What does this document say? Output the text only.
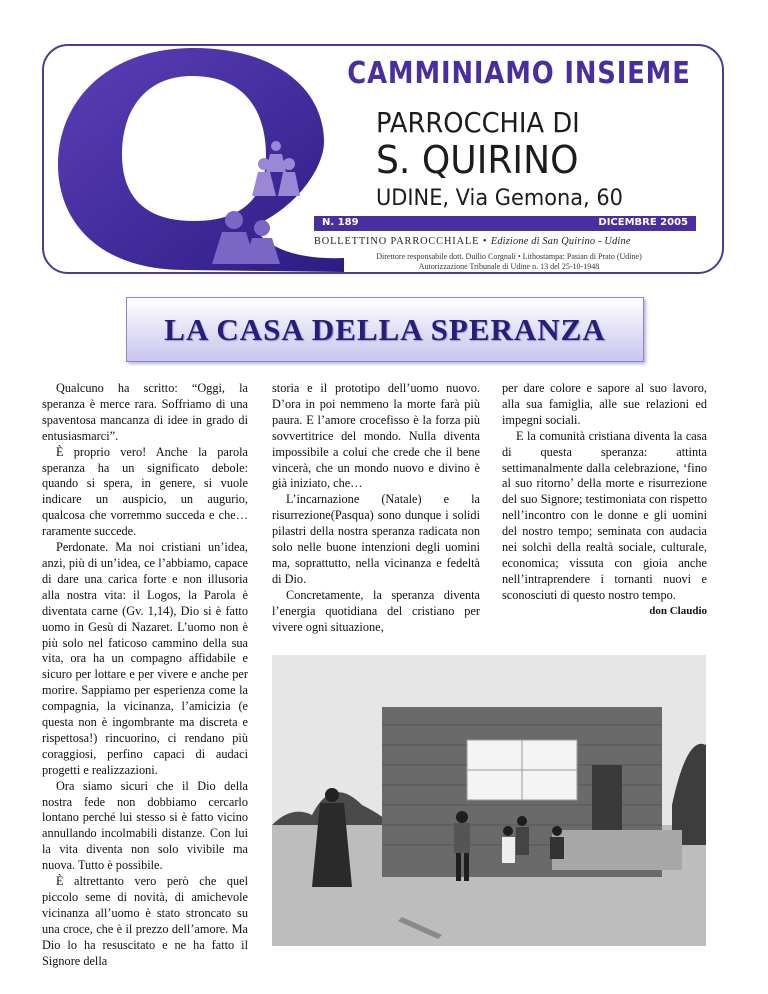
CAMMINIAMO INSIEME
PARROCCHIA DI
S. QUIRINO
UDINE, Via Gemona, 60
N. 189	DICEMBRE 2005
BOLLETTINO PARROCCHIALE • Edizione di San Quirino - Udine
Direttore responsabile dott. Duilio Corgnali • Lithostampa: Pasian di Prato (Udine)
Autorizzazione Tribunale di Udine n. 13 del 25-10-1948
LA CASA DELLA SPERANZA

Qualcuno ha scritto: “Oggi, la speranza è merce rara. Soffriamo di una spaventosa mancanza di idee in grado di entusiasmarci”.

È proprio vero! Anche la parola speranza ha un significato debole: quando si spera, in genere, si vuole indicare un auspicio, un augurio, qualcosa che vorremmo succeda e che…raramente succede.

Perdonate. Ma noi cristiani un’idea, anzi, più di un’idea, ce l’abbiamo, capace di dare una carica forte e non illusoria alla nostra vita: il Logos, la Parola è diventata carne (Gv. 1,14), Dio si è fatto uomo in Gesù di Nazaret. L’uomo non è più solo nel faticoso cammino della sua vita, ora ha un compagno affidabile e sicuro per lottare e per vivere e anche per morire. Sappiamo per esperienza come la compagnia, la vicinanza, l’amicizia (e questa non è ingombrante ma discreta e rispettosa!) rincuorino, ci rendano più coraggiosi, perfino capaci di audaci progetti e realizzazioni.

Ora siamo sicuri che il Dio della nostra fede non dobbiamo cercarlo lontano perché lui stesso si è fatto vicino annullando incolmabili distanze. Con lui la vita diventa non solo vivibile ma nuova. Tutto è possibile.

È altrettanto vero però che quel piccolo seme di novità, di amichevole vicinanza all’uomo è stato stroncato su una croce, che è il prezzo dell’amore. Ma Dio lo ha resuscitato e ne ha fatto il Signore della

storia e il prototipo dell’uomo nuovo. D’ora in poi nemmeno la morte farà più paura. E l’amore crocefisso è la forza più sovvertitrice del mondo. Nulla diventa impossibile a colui che crede che il bene vincerà, che un mondo nuovo e divino è già iniziato, che…

L’incarnazione (Natale) e la risurrezione(Pasqua) sono dunque i solidi pilastri della nostra speranza radicata non solo nelle buone intenzioni degli uomini ma, soprattutto, nella vicinanza e fedeltà di Dio.

Concretamente, la speranza diventa l’energia quotidiana del cristiano per vivere ogni situazione,

per dare colore e sapore al suo lavoro, alla sua famiglia, alle sue relazioni ed impegni sociali.

E la comunità cristiana diventa la casa di questa speranza: attinta settimanalmente dalla celebrazione, ‘fino al suo ritorno’ della morte e risurrezione del suo Signore; testimoniata con rispetto nell’incontro con le donne e gli uomini del nostro tempo; seminata con audacia nei solchi della realtà sociale, culturale, economica; vissuta con gioia anche nell’intraprendere i tornanti nuovi e sconosciuti di questo nostro tempo.

don Claudio
